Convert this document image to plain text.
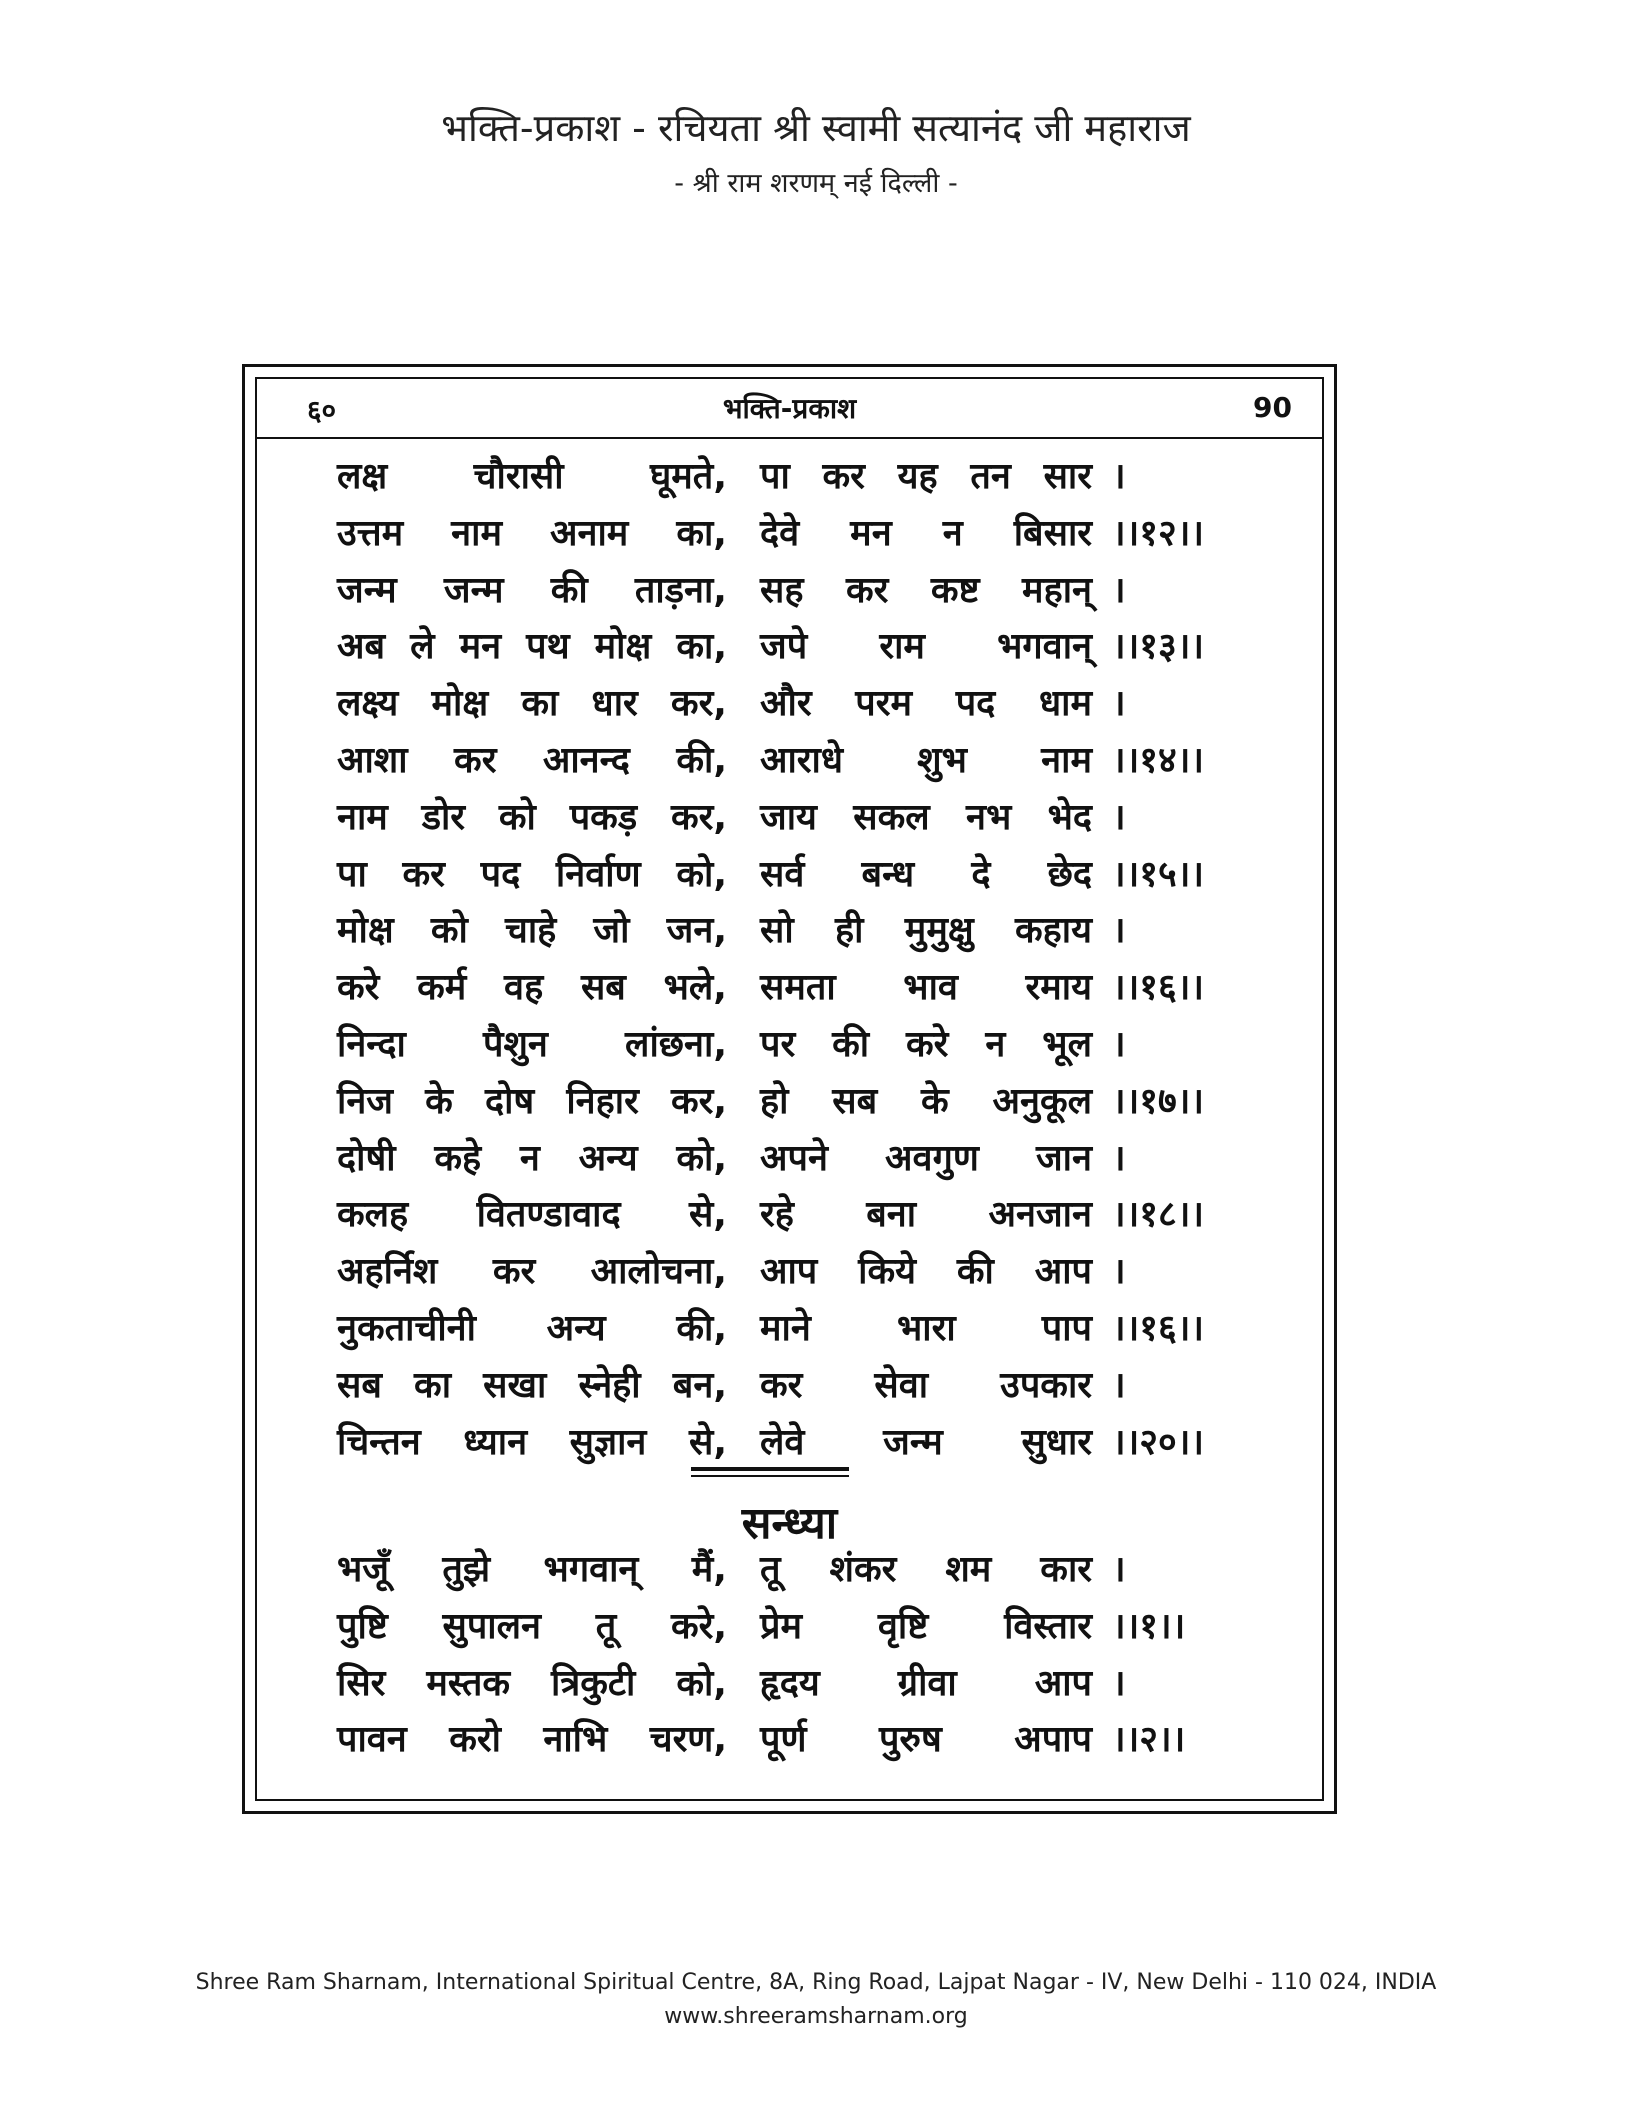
भक्ति-प्रकाश - रचियता श्री स्वामी सत्यानंद जी महाराज
- श्री राम शरणम् नई दिल्ली -
६०	भक्ति-प्रकाश	90
लक्ष चौरासी घूमते, पा कर यह तन सार ।
उत्तम नाम अनाम का, देवे मन न बिसार ।।१२।।
जन्म जन्म की ताड़ना, सह कर कष्ट महान् ।
अब ले मन पथ मोक्ष का, जपे राम भगवान् ।।१३।।
लक्ष्य मोक्ष का धार कर, और परम पद धाम ।
आशा कर आनन्द की, आराधे शुभ नाम ।।१४।।
नाम डोर को पकड़ कर, जाय सकल नभ भेद ।
पा कर पद निर्वाण को, सर्व बन्ध दे छेद ।।१५।।
मोक्ष को चाहे जो जन, सो ही मुमुक्षु कहाय ।
करे कर्म वह सब भले, समता भाव रमाय ।।१६।।
निन्दा पैशुन लांछना, पर की करे न भूल ।
निज के दोष निहार कर, हो सब के अनुकूल ।।१७।।
दोषी कहे न अन्य को, अपने अवगुण जान ।
कलह वितण्डावाद से, रहे बना अनजान ।।१८।।
अहर्निश कर आलोचना, आप किये की आप ।
नुकताचीनी अन्य की, माने भारा पाप ।।१६।।
सब का सखा स्नेही बन, कर सेवा उपकार ।
चिन्तन ध्यान सुज्ञान से, लेवे जन्म सुधार ।।२०।।
सन्ध्या
भजूँ तुझे भगवान् मैं, तू शंकर शम कार ।
पुष्टि सुपालन तू करे, प्रेम वृष्टि विस्तार ।।१।।
सिर मस्तक त्रिकुटी को, हृदय ग्रीवा आप ।
पावन करो नाभि चरण, पूर्ण पुरुष अपाप ।।२।।
Shree Ram Sharnam, International Spiritual Centre, 8A, Ring Road, Lajpat Nagar - IV, New Delhi - 110 024, INDIA
www.shreeramsharnam.org
